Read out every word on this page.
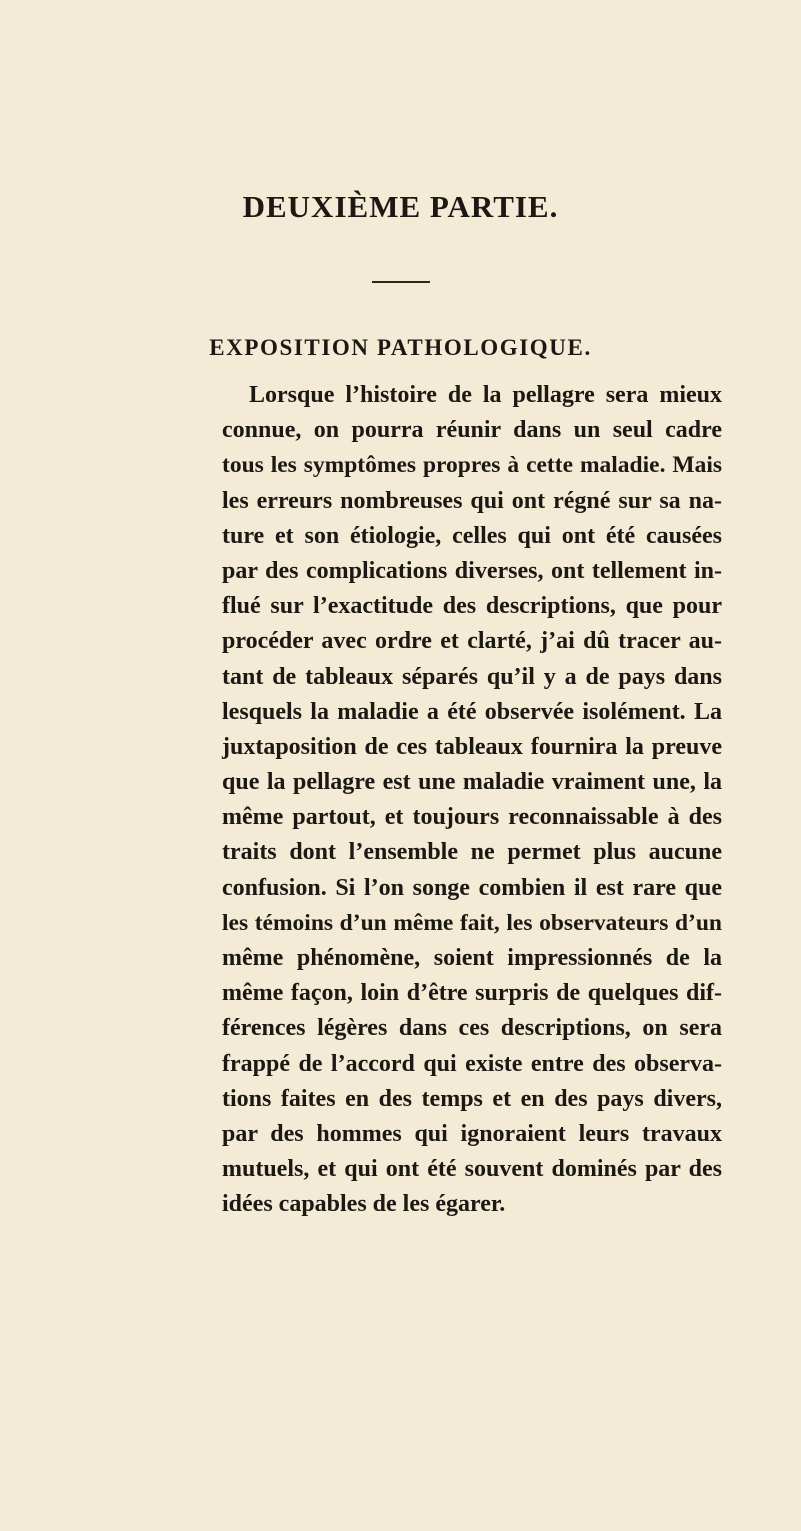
DEUXIÈME PARTIE.
EXPOSITION PATHOLOGIQUE.
Lorsque l’histoire de la pellagre sera mieux
connue, on pourra réunir dans un seul cadre
tous les symptômes propres à cette maladie. Mais
les erreurs nombreuses qui ont régné sur sa na-
ture et son étiologie, celles qui ont été causées
par des complications diverses, ont tellement in-
flué sur l’exactitude des descriptions, que pour
procéder avec ordre et clarté, j’ai dû tracer au-
tant de tableaux séparés qu’il y a de pays dans
lesquels la maladie a été observée isolément. La
juxtaposition de ces tableaux fournira la preuve
que la pellagre est une maladie vraiment une, la
même partout, et toujours reconnaissable à des
traits dont l’ensemble ne permet plus aucune
confusion. Si l’on songe combien il est rare que
les témoins d’un même fait, les observateurs d’un
même phénomène, soient impressionnés de la
même façon, loin d’être surpris de quelques dif-
férences légères dans ces descriptions, on sera
frappé de l’accord qui existe entre des observa-
tions faites en des temps et en des pays divers,
par des hommes qui ignoraient leurs travaux
mutuels, et qui ont été souvent dominés par des
idées capables de les égarer.
